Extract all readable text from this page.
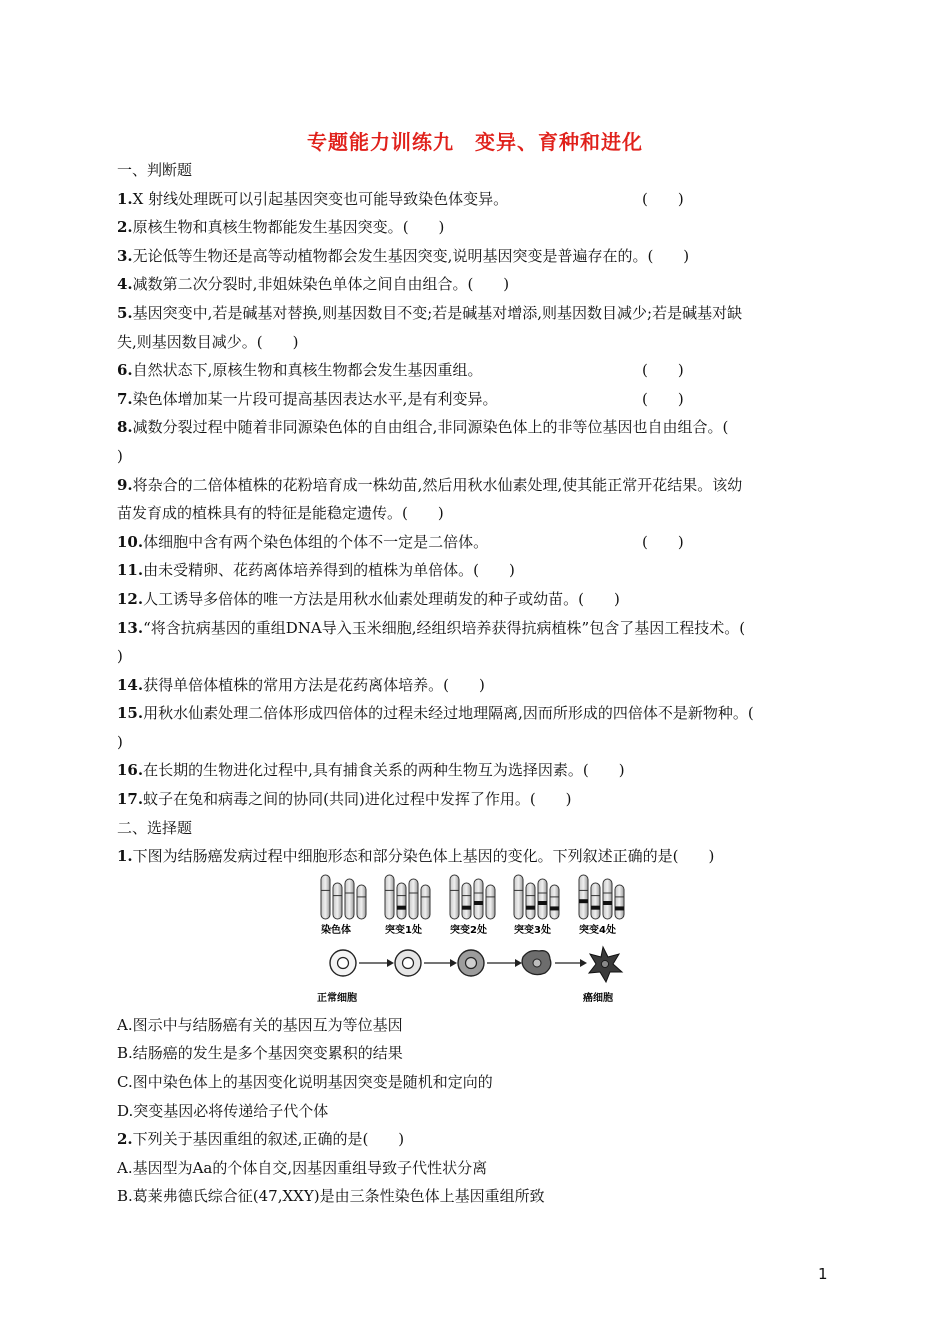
专题能力训练九　变异、育种和进化
一、判断题
1.X 射线处理既可以引起基因突变也可能导致染色体变异。	(　　)
2.原核生物和真核生物都能发生基因突变。(　　)
3.无论低等生物还是高等动植物都会发生基因突变,说明基因突变是普遍存在的。(　　)
4.减数第二次分裂时,非姐妹染色单体之间自由组合。(　　)
5.基因突变中,若是碱基对替换,则基因数目不变;若是碱基对增添,则基因数目减少;若是碱基对缺
失,则基因数目减少。(　　)
6.自然状态下,原核生物和真核生物都会发生基因重组。	(　　)
7.染色体增加某一片段可提高基因表达水平,是有利变异。	(　　)
8.减数分裂过程中随着非同源染色体的自由组合,非同源染色体上的非等位基因也自由组合。(
)
9.将杂合的二倍体植株的花粉培育成一株幼苗,然后用秋水仙素处理,使其能正常开花结果。该幼
苗发育成的植株具有的特征是能稳定遗传。(　　)
10.体细胞中含有两个染色体组的个体不一定是二倍体。	(　　)
11.由未受精卵、花药离体培养得到的植株为单倍体。(　　)
12.人工诱导多倍体的唯一方法是用秋水仙素处理萌发的种子或幼苗。(　　)
13.“将含抗病基因的重组DNA导入玉米细胞,经组织培养获得抗病植株”包含了基因工程技术。(
)
14.获得单倍体植株的常用方法是花药离体培养。(　　)
15.用秋水仙素处理二倍体形成四倍体的过程未经过地理隔离,因而所形成的四倍体不是新物种。(
)
16.在长期的生物进化过程中,具有捕食关系的两种生物互为选择因素。(　　)
17.蚊子在兔和病毒之间的协同(共同)进化过程中发挥了作用。(　　)
二、选择题
1.下图为结肠癌发病过程中细胞形态和部分染色体上基因的变化。下列叙述正确的是(　　)
染色体	突变1处	突变2处	突变3处	突变4处
正常细胞	癌细胞
A.图示中与结肠癌有关的基因互为等位基因
B.结肠癌的发生是多个基因突变累积的结果
C.图中染色体上的基因变化说明基因突变是随机和定向的
D.突变基因必将传递给子代个体
2.下列关于基因重组的叙述,正确的是(　　)
A.基因型为Aa的个体自交,因基因重组导致子代性状分离
B.葛莱弗德氏综合征(47,XXY)是由三条性染色体上基因重组所致
1
